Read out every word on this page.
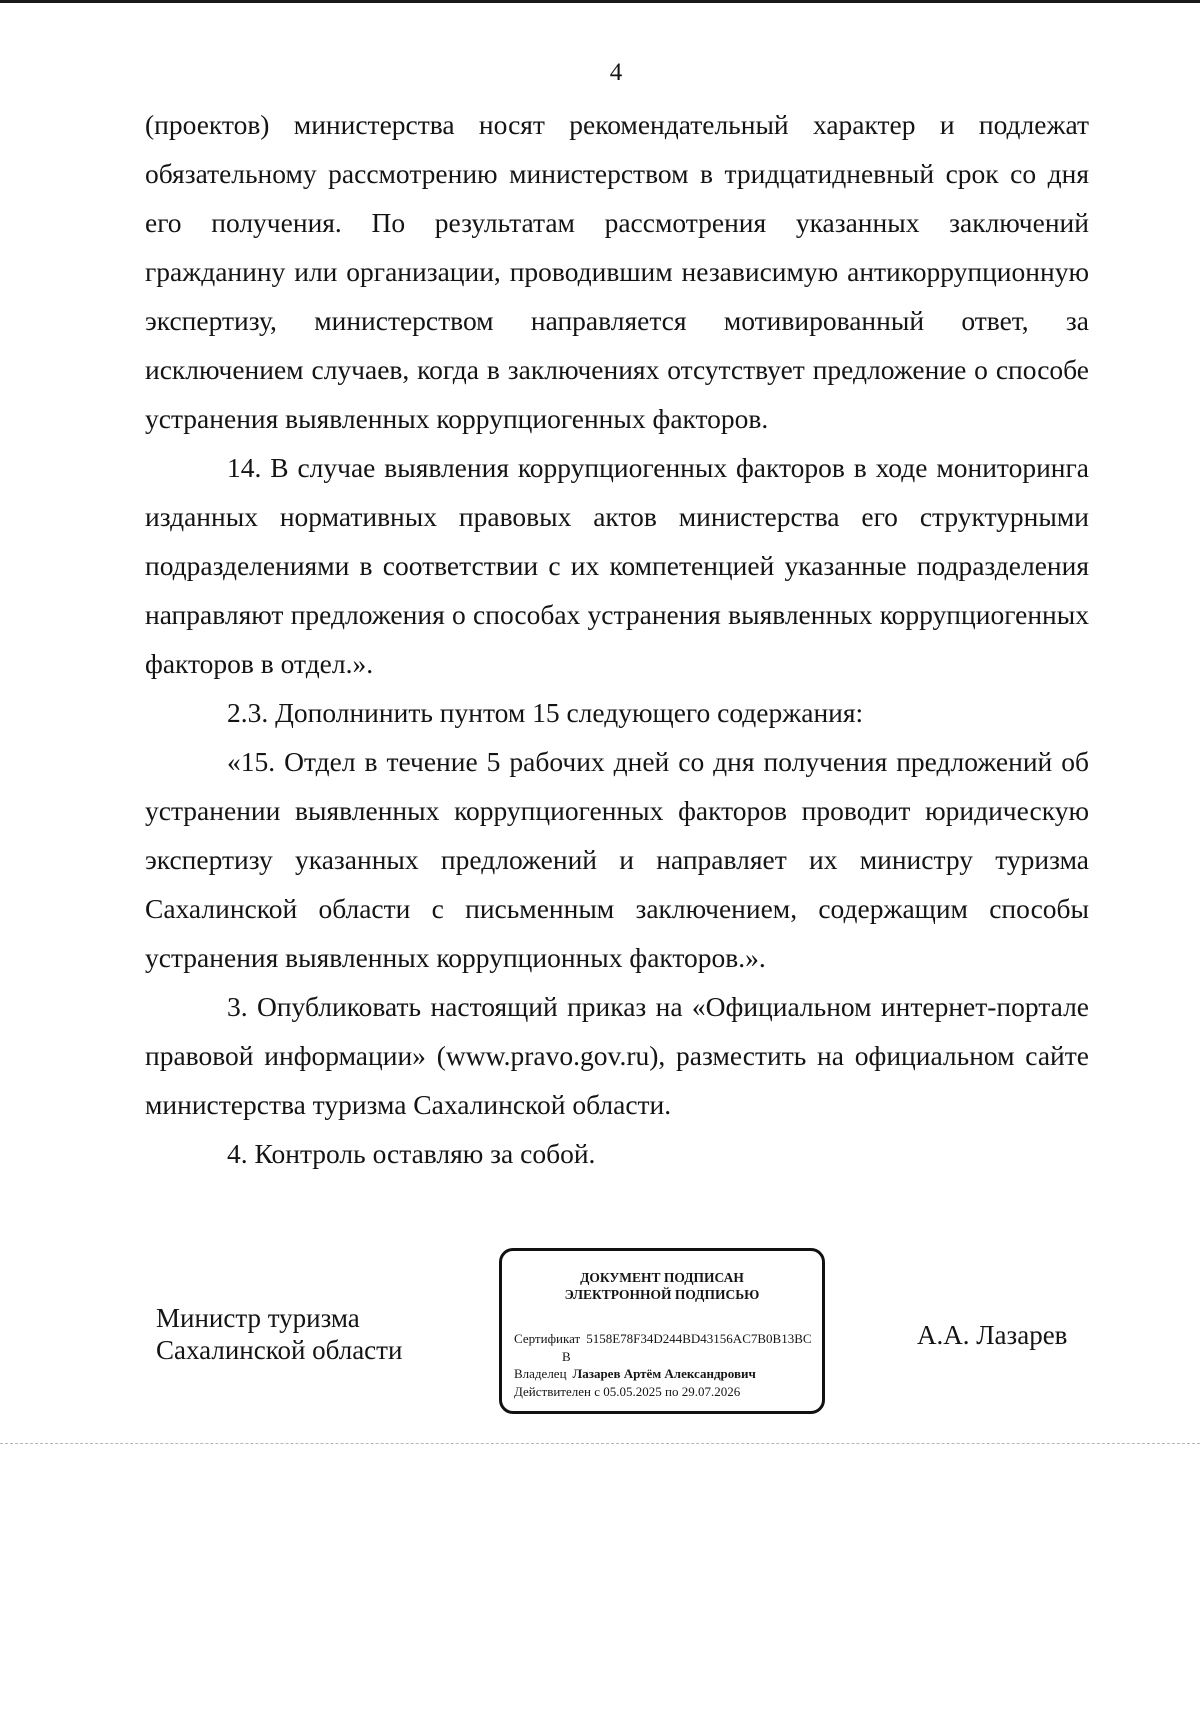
4

(проектов) министерства носят рекомендательный характер и подлежат обязательному рассмотрению министерством в тридцатидневный срок со дня его получения. По результатам рассмотрения указанных заключений гражданину или организации, проводившим независимую антикоррупционную экспертизу, министерством направляется мотивированный ответ, за исключением случаев, когда в заключениях отсутствует предложение о способе устранения выявленных коррупциогенных факторов.

14. В случае выявления коррупциогенных факторов в ходе мониторинга изданных нормативных правовых актов министерства его структурными подразделениями в соответствии с их компетенцией указанные подразделения направляют предложения о способах устранения выявленных коррупциогенных факторов в отдел.».

2.3. Дополнинить пунтом 15 следующего содержания:

«15. Отдел в течение 5 рабочих дней со дня получения предложений об устранении выявленных коррупциогенных факторов проводит юридическую экспертизу указанных предложений и направляет их министру туризма Сахалинской области с письменным заключением, содержащим способы устранения выявленных коррупционных факторов.».

3. Опубликовать настоящий приказ на «Официальном интернет-портале правовой информации» (www.pravo.gov.ru), разместить на официальном сайте министерства туризма Сахалинской области.

4. Контроль оставляю за собой.

Министр туризма
Сахалинской области
ДОКУМЕНТ ПОДПИСАН
ЭЛЕКТРОННОЙ ПОДПИСЬЮ
Сертификат 5158E78F34D244BD43156AC7B0B13BC
B
Владелец Лазарев Артём Александрович
Действителен с 05.05.2025 по 29.07.2026
А.А. Лазарев
